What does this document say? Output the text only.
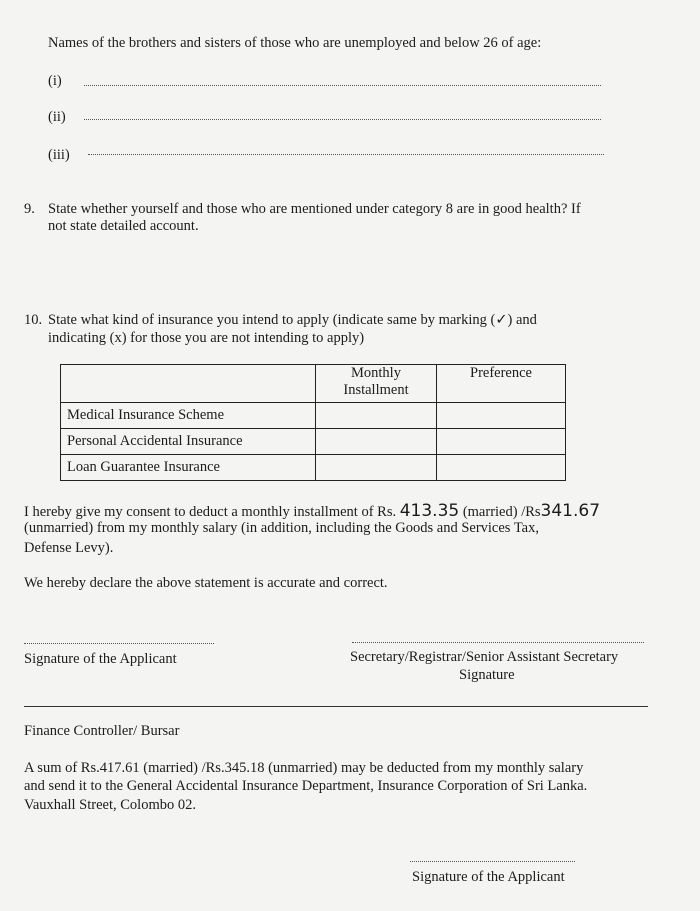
Names of the brothers and sisters of those who are unemployed and below 26 of age:
(i)
(ii)
(iii)
9. State whether yourself and those who are mentioned under category 8 are in good health? If
not state detailed account.
10. State what kind of insurance you intend to apply (indicate same by marking (✓) and
indicating (x) for those you are not intending to apply)
	Monthly Installment	Preference
Medical Insurance Scheme		
Personal Accidental Insurance		
Loan Guarantee Insurance		
I hereby give my consent to deduct a monthly installment of Rs. 413.35 (married) /Rs341.67
(unmarried) from my monthly salary (in addition, including the Goods and Services Tax,
Defense Levy).
We hereby declare the above statement is accurate and correct.
Signature of the Applicant	Secretary/Registrar/Senior Assistant Secretary
Signature
Finance Controller/ Bursar
A sum of Rs.417.61 (married) /Rs.345.18 (unmarried) may be deducted from my monthly salary
and send it to the General Accidental Insurance Department, Insurance Corporation of Sri Lanka.
Vauxhall Street, Colombo 02.
Signature of the Applicant
